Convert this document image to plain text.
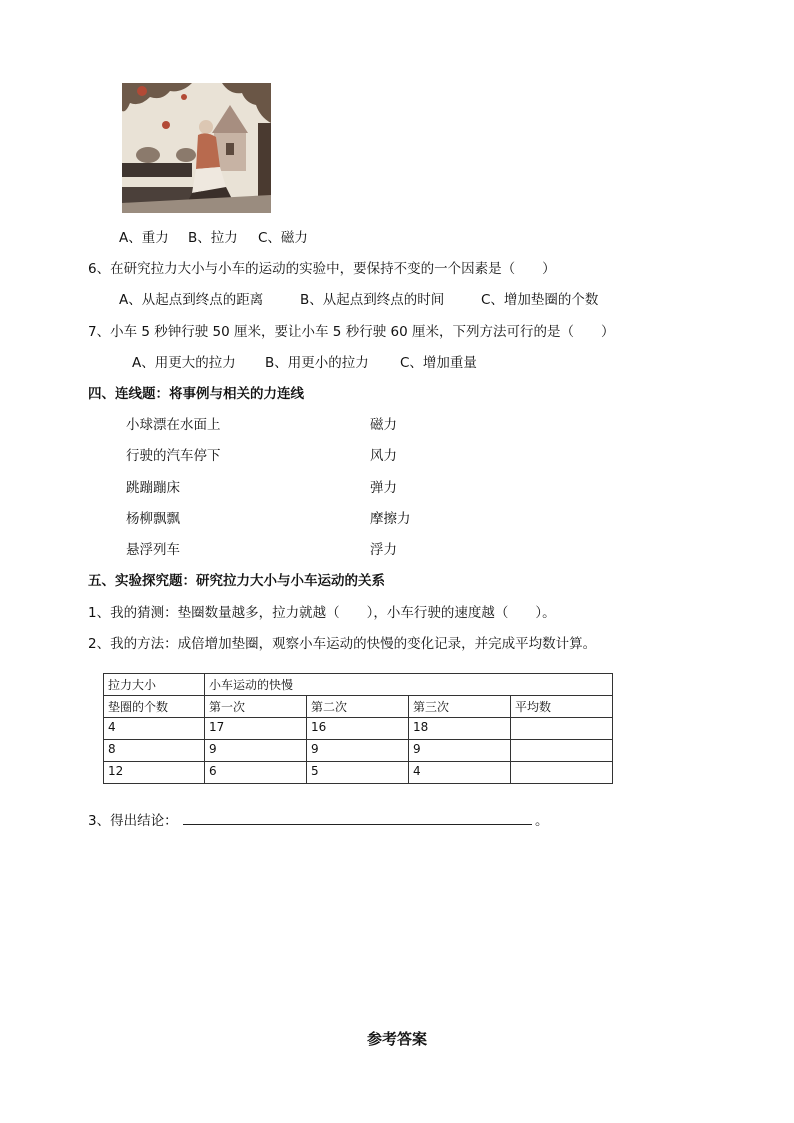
A、重力 B、拉力 C、磁力
6、在研究拉力大小与小车的运动的实验中，要保持不变的一个因素是（　　）
A、从起点到终点的距离	B、从起点到终点的时间	C、增加垫圈的个数
7、小车 5 秒钟行驶 50 厘米，要让小车 5 秒行驶 60 厘米，下列方法可行的是（　　）
A、用更大的拉力 B、用更小的拉力 C、增加重量
四、连线题：将事例与相关的力连线
小球漂在水面上
行驶的汽车停下
跳蹦蹦床
杨柳飘飘
悬浮列车
磁力
风力
弹力
摩擦力
浮力
五、实验探究题：研究拉力大小与小车运动的关系
1、我的猜测：垫圈数量越多，拉力就越（　　），小车行驶的速度越（　　）。
2、我的方法：成倍增加垫圈，观察小车运动的快慢的变化记录，并完成平均数计算。
拉力大小	小车运动的快慢			
垫圈的个数	第一次	第二次	第三次	平均数
4	17	16	18	
8	9	9	9	
12	6	5	4	
3、得出结论：	。
参考答案
